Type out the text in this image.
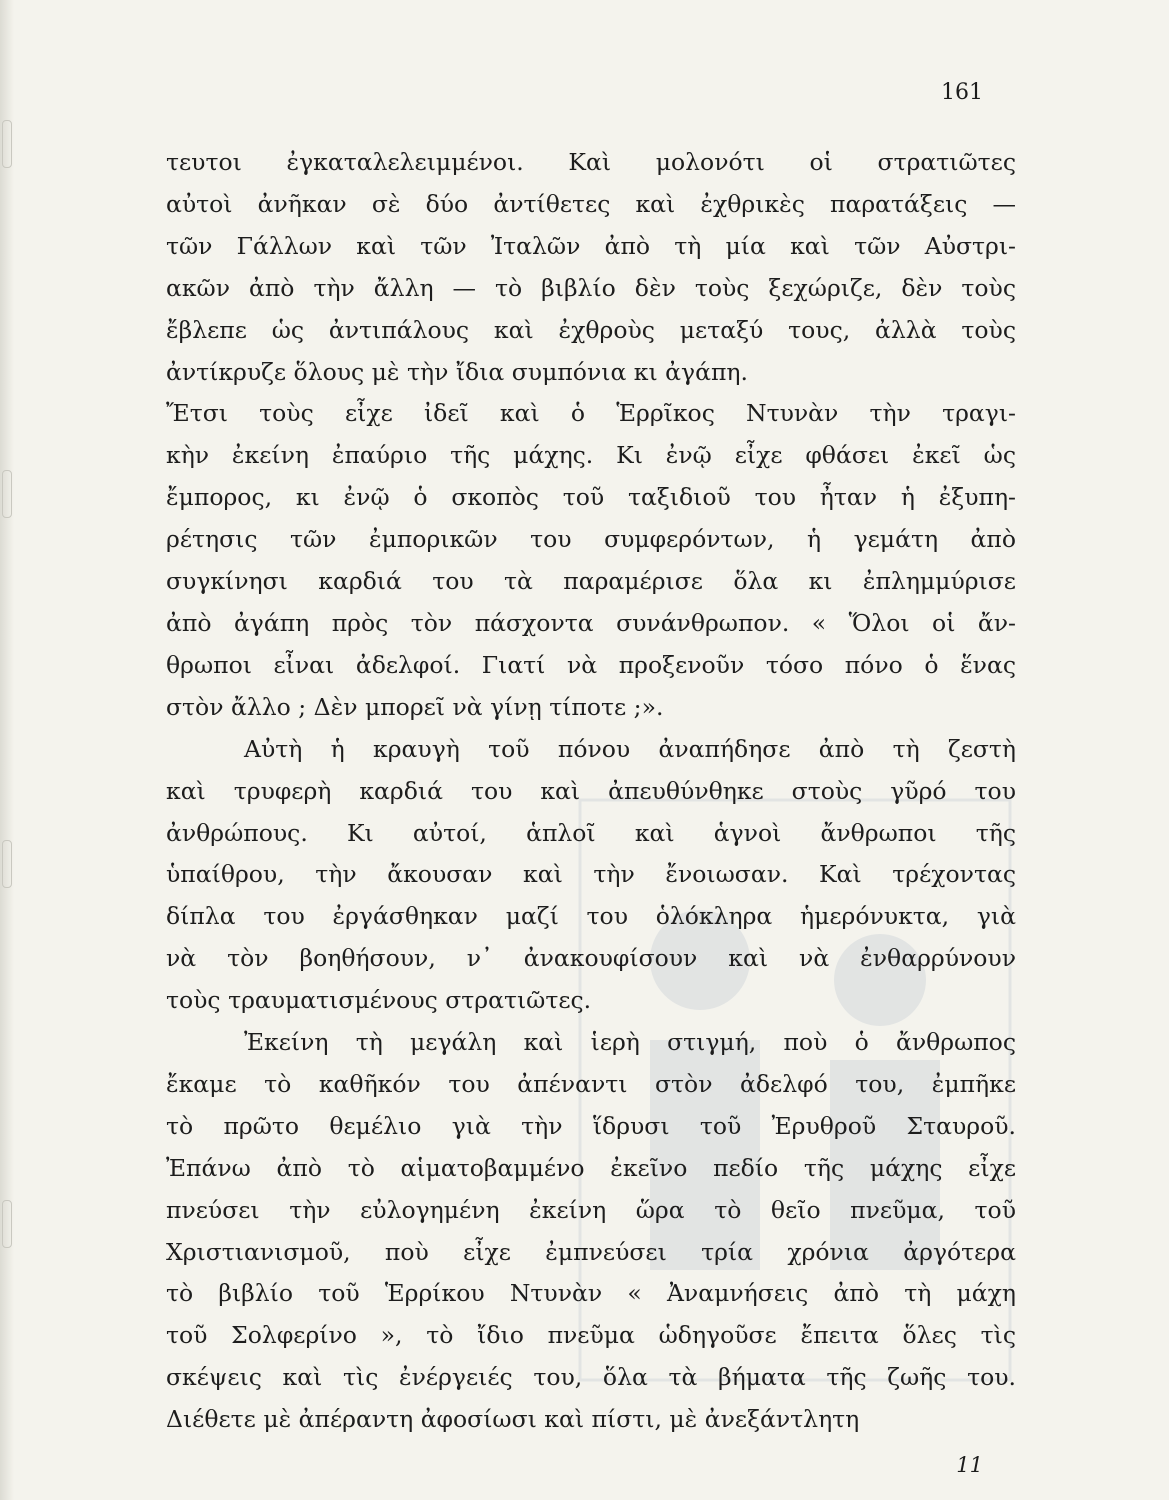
161
τευτοι ἐγκαταλελειμμένοι. Καὶ μολονότι οἱ στρατιῶτες
αὐτοὶ ἀνῆκαν σὲ δύο ἀντίθετες καὶ ἐχθρικὲς παρατάξεις —
τῶν Γάλλων καὶ τῶν Ἰταλῶν ἀπὸ τὴ μία καὶ τῶν Αὐστρι-
ακῶν ἀπὸ τὴν ἄλλη — τὸ βιβλίο δὲν τοὺς ξεχώριζε, δὲν τοὺς
ἔβλεπε ὡς ἀντιπάλους καὶ ἐχθροὺς μεταξύ τους, ἀλλὰ τοὺς
ἀντίκρυζε ὅλους μὲ τὴν ἴδια συμπόνια κι ἀγάπη.
Ἔτσι τοὺς εἶχε ἰδεῖ καὶ ὁ Ἑρρῖκος Ντυνὰν τὴν τραγι-
κὴν ἐκείνη ἐπαύριο τῆς μάχης. Κι ἐνῷ εἶχε φθάσει ἐκεῖ ὡς
ἔμπορος, κι ἐνῷ ὁ σκοπὸς τοῦ ταξιδιοῦ του ἦταν ἡ ἐξυπη-
ρέτησις τῶν ἐμπορικῶν του συμφερόντων, ἡ γεμάτη ἀπὸ
συγκίνησι καρδιά του τὰ παραμέρισε ὅλα κι ἐπλημμύρισε
ἀπὸ ἀγάπη πρὸς τὸν πάσχοντα συνάνθρωπον. « Ὅλοι οἱ ἄν-
θρωποι εἶναι ἀδελφοί. Γιατί νὰ προξενοῦν τόσο πόνο ὁ ἕνας
στὸν ἄλλο ; Δὲν μπορεῖ νὰ γίνῃ τίποτε ;».
Αὐτὴ ἡ κραυγὴ τοῦ πόνου ἀναπήδησε ἀπὸ τὴ ζεστὴ
καὶ τρυφερὴ καρδιά του καὶ ἀπευθύνθηκε στοὺς γῦρό του
ἀνθρώπους. Κι αὐτοί, ἁπλοῖ καὶ ἁγνοὶ ἄνθρωποι τῆς
ὑπαίθρου, τὴν ἄκουσαν καὶ τὴν ἔνοιωσαν. Καὶ τρέχοντας
δίπλα του ἐργάσθηκαν μαζί του ὁλόκληρα ἡμερόνυκτα, γιὰ
νὰ τὸν βοηθήσουν, ν᾽ ἀνακουφίσουν καὶ νὰ ἐνθαρρύνουν
τοὺς τραυματισμένους στρατιῶτες.
Ἐκείνη τὴ μεγάλη καὶ ἱερὴ στιγμή, ποὺ ὁ ἄνθρωπος
ἔκαμε τὸ καθῆκόν του ἀπέναντι στὸν ἀδελφό του, ἐμπῆκε
τὸ πρῶτο θεμέλιο γιὰ τὴν ἵδρυσι τοῦ Ἐρυθροῦ Σταυροῦ.
Ἐπάνω ἀπὸ τὸ αἱματοβαμμένο ἐκεῖνο πεδίο τῆς μάχης εἶχε
πνεύσει τὴν εὐλογημένη ἐκείνη ὥρα τὸ θεῖο πνεῦμα, τοῦ
Χριστιανισμοῦ, ποὺ εἶχε ἐμπνεύσει τρία χρόνια ἀργότερα
τὸ βιβλίο τοῦ Ἑρρίκου Ντυνὰν « Ἀναμνήσεις ἀπὸ τὴ μάχη
τοῦ Σολφερίνο », τὸ ἴδιο πνεῦμα ὡδηγοῦσε ἔπειτα ὅλες τὶς
σκέψεις καὶ τὶς ἐνέργειές του, ὅλα τὰ βήματα τῆς ζωῆς του.
Διέθετε μὲ ἀπέραντη ἀφοσίωσι καὶ πίστι, μὲ ἀνεξάντλητη
11
